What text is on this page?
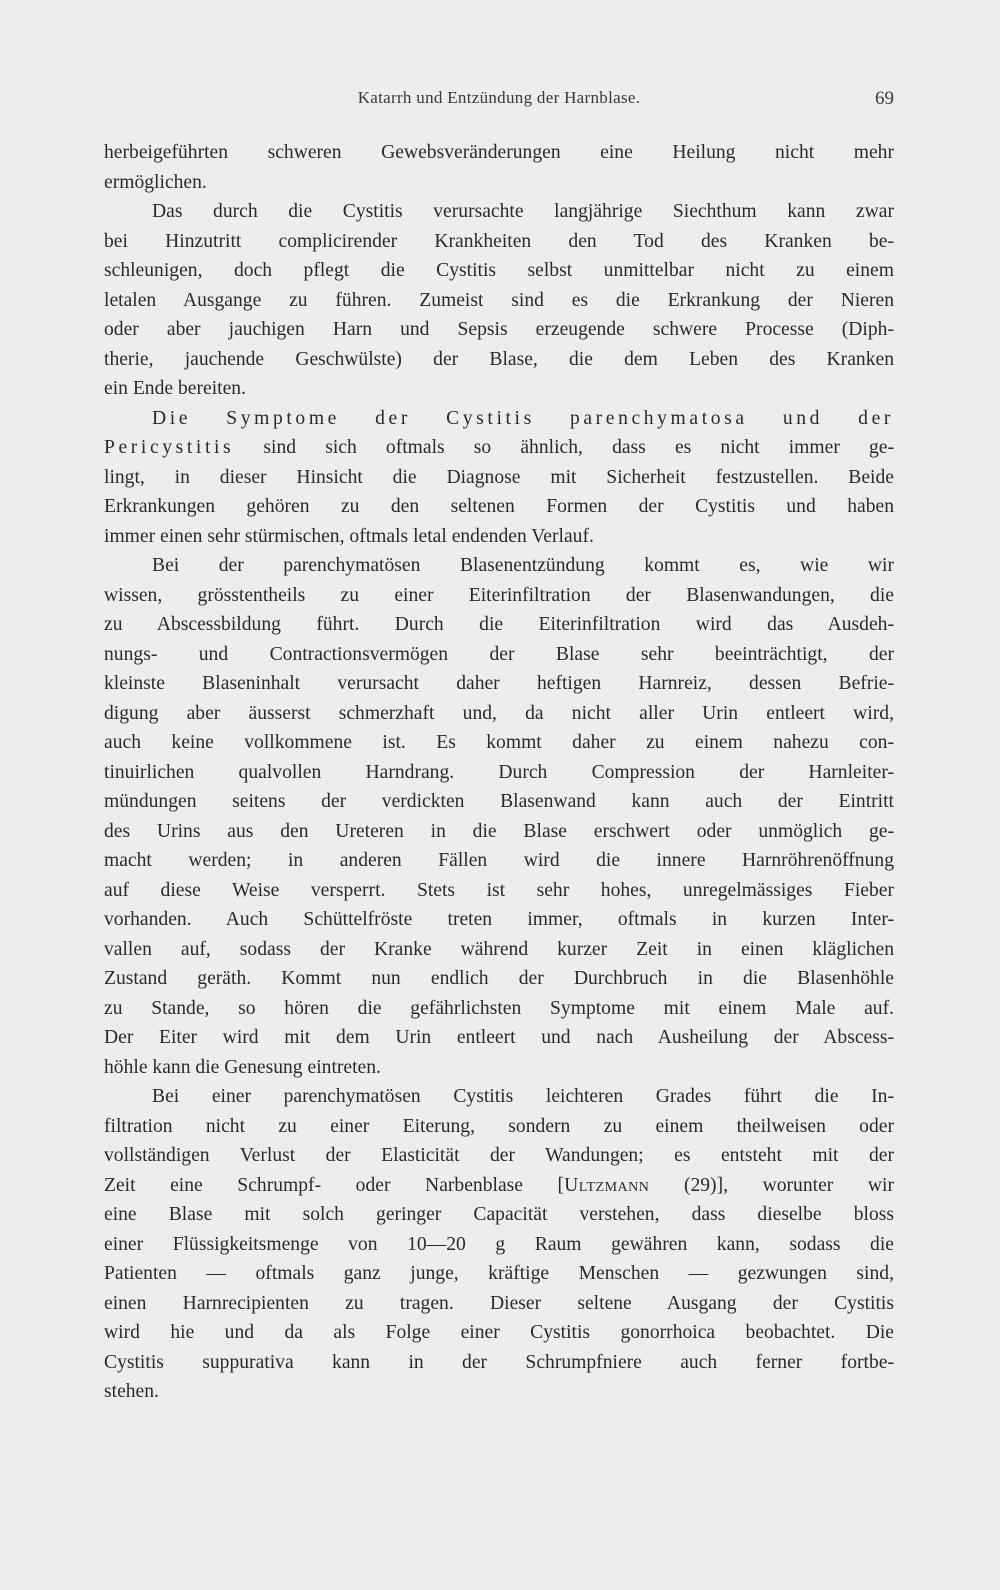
Katarrh und Entzündung der Harnblase.	69
herbeigeführten schweren Gewebsveränderungen eine Heilung nicht mehr
ermöglichen.
Das durch die Cystitis verursachte langjährige Siechthum kann zwar
bei Hinzutritt complicirender Krankheiten den Tod des Kranken be-
schleunigen, doch pflegt die Cystitis selbst unmittelbar nicht zu einem
letalen Ausgange zu führen. Zumeist sind es die Erkrankung der Nieren
oder aber jauchigen Harn und Sepsis erzeugende schwere Processe (Diph-
therie, jauchende Geschwülste) der Blase, die dem Leben des Kranken
ein Ende bereiten.
Die Symptome der Cystitis parenchymatosa und der
Pericystitis sind sich oftmals so ähnlich, dass es nicht immer ge-
lingt, in dieser Hinsicht die Diagnose mit Sicherheit festzustellen. Beide
Erkrankungen gehören zu den seltenen Formen der Cystitis und haben
immer einen sehr stürmischen, oftmals letal endenden Verlauf.
Bei der parenchymatösen Blasenentzündung kommt es, wie wir
wissen, grösstentheils zu einer Eiterinfiltration der Blasenwandungen, die
zu Abscessbildung führt. Durch die Eiterinfiltration wird das Ausdeh-
nungs- und Contractionsvermögen der Blase sehr beeinträchtigt, der
kleinste Blaseninhalt verursacht daher heftigen Harnreiz, dessen Befrie-
digung aber äusserst schmerzhaft und, da nicht aller Urin entleert wird,
auch keine vollkommene ist. Es kommt daher zu einem nahezu con-
tinuirlichen qualvollen Harndrang. Durch Compression der Harnleiter-
mündungen seitens der verdickten Blasenwand kann auch der Eintritt
des Urins aus den Ureteren in die Blase erschwert oder unmöglich ge-
macht werden; in anderen Fällen wird die innere Harnröhrenöffnung
auf diese Weise versperrt. Stets ist sehr hohes, unregelmässiges Fieber
vorhanden. Auch Schüttelfröste treten immer, oftmals in kurzen Inter-
vallen auf, sodass der Kranke während kurzer Zeit in einen kläglichen
Zustand geräth. Kommt nun endlich der Durchbruch in die Blasenhöhle
zu Stande, so hören die gefährlichsten Symptome mit einem Male auf.
Der Eiter wird mit dem Urin entleert und nach Ausheilung der Abscess-
höhle kann die Genesung eintreten.
Bei einer parenchymatösen Cystitis leichteren Grades führt die In-
filtration nicht zu einer Eiterung, sondern zu einem theilweisen oder
vollständigen Verlust der Elasticität der Wandungen; es entsteht mit der
Zeit eine Schrumpf- oder Narbenblase [Ultzmann (29)], worunter wir
eine Blase mit solch geringer Capacität verstehen, dass dieselbe bloss
einer Flüssigkeitsmenge von 10—20 g Raum gewähren kann, sodass die
Patienten — oftmals ganz junge, kräftige Menschen — gezwungen sind,
einen Harnrecipienten zu tragen. Dieser seltene Ausgang der Cystitis
wird hie und da als Folge einer Cystitis gonorrhoica beobachtet. Die
Cystitis suppurativa kann in der Schrumpfniere auch ferner fortbe-
stehen.
